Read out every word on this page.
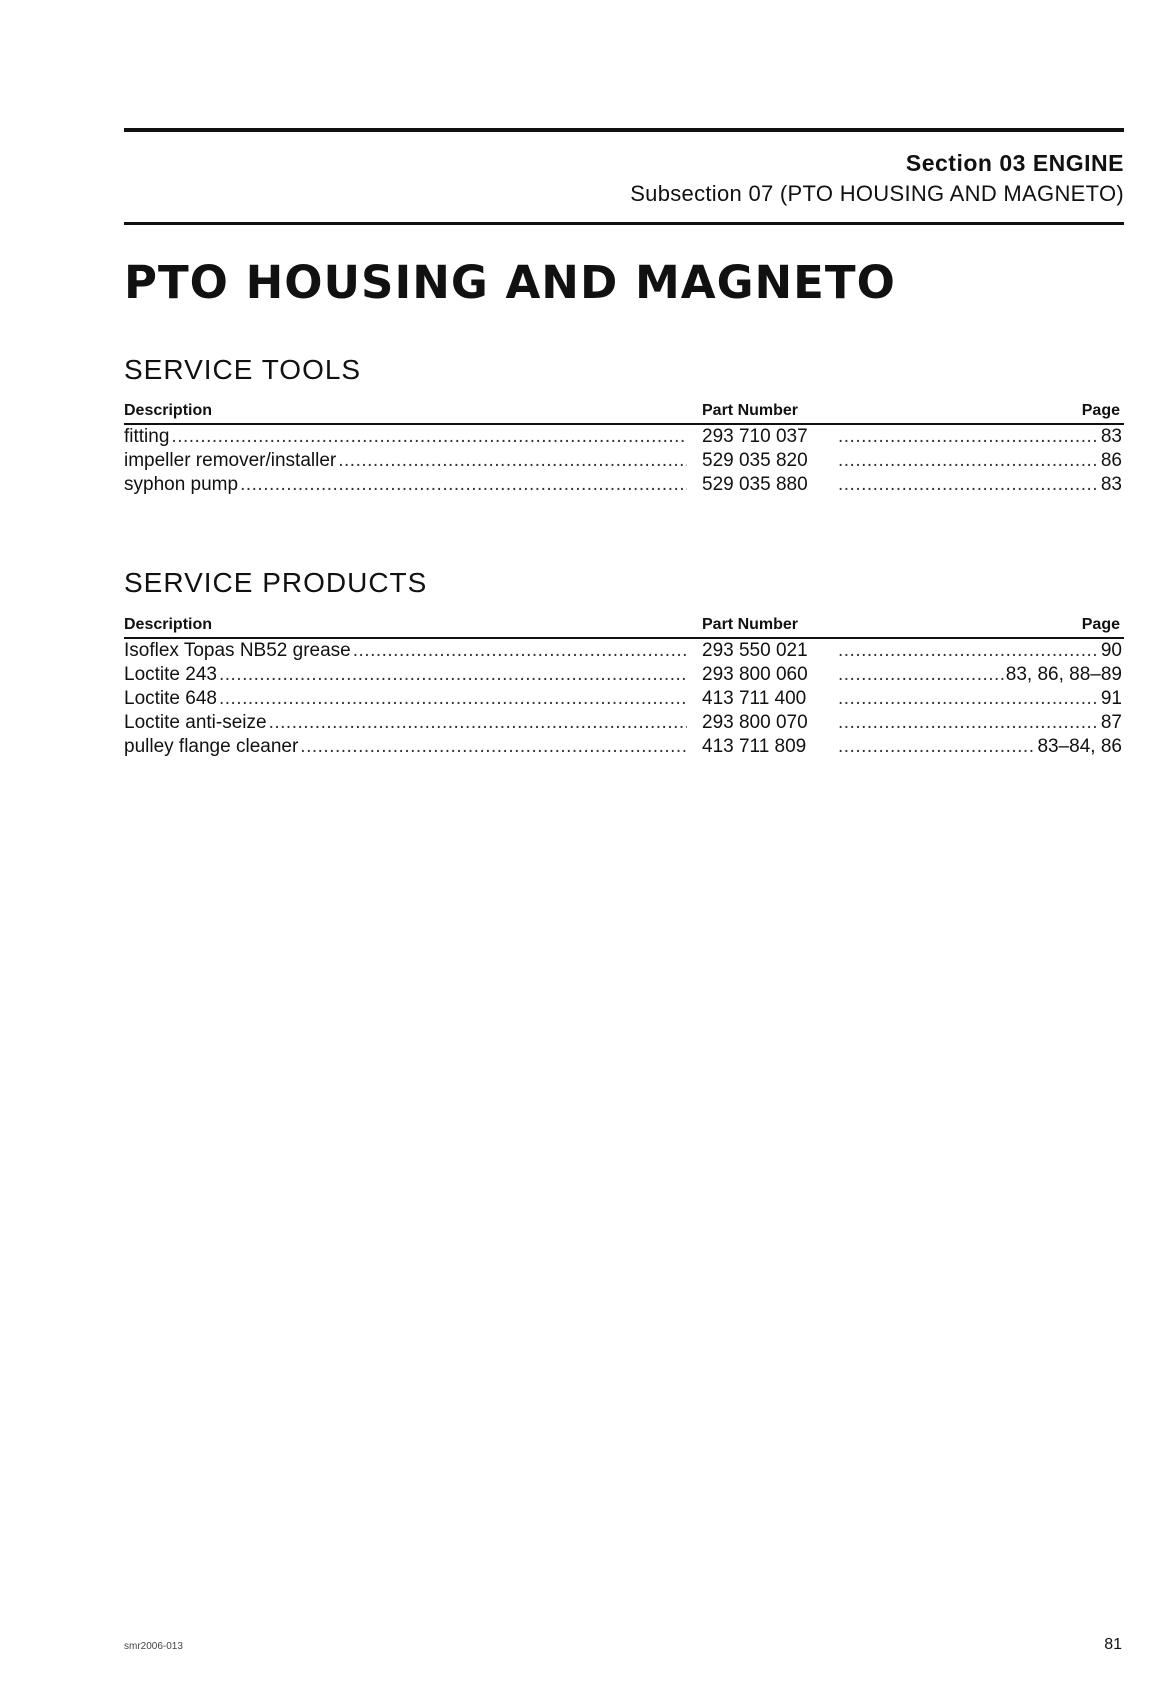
Section 03 ENGINE
Subsection 07 (PTO HOUSING AND MAGNETO)
PTO HOUSING AND MAGNETO
SERVICE TOOLS
Description	Part Number	Page
fitting .....	293 710 037 .....	83
impeller remover/installer .....	529 035 820 .....	86
syphon pump .....	529 035 880 .....	83
SERVICE PRODUCTS
Description	Part Number	Page
Isoflex Topas NB52 grease .....	293 550 021 .....	90
Loctite 243 .....	293 800 060 .....	83, 86, 88–89
Loctite 648 .....	413 711 400 .....	91
Loctite anti-seize .....	293 800 070 .....	87
pulley flange cleaner .....	413 711 809 .....	83–84, 86
smr2006-013	81
